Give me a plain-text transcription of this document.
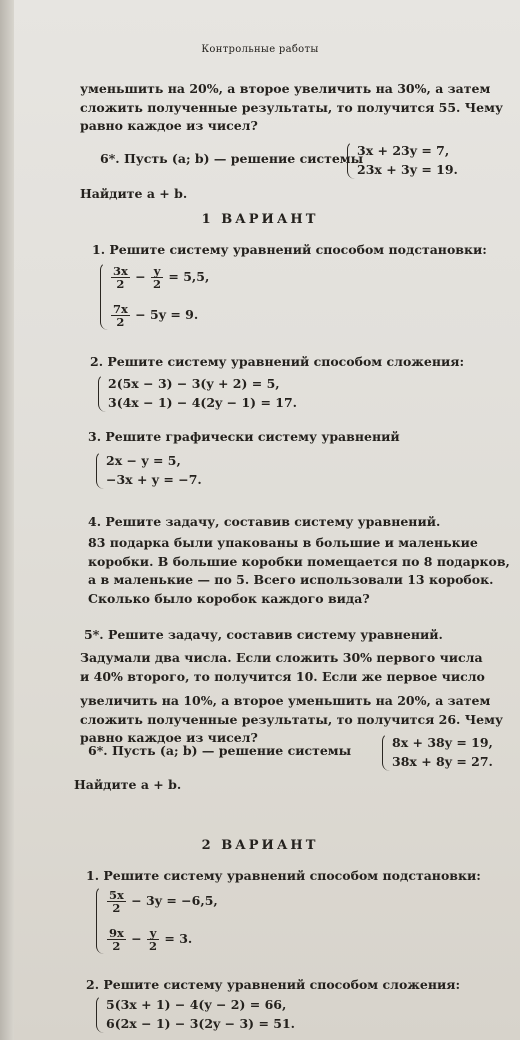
Контрольные работы
уменьшить на 20%, а второе увеличить на 30%, а затем
сложить полученные результаты, то получится 55. Чему
равно каждое из чисел?
6*. Пусть (a; b) — решение системы
3x + 23y = 7,
23x + 3y = 19.
Найдите a + b.
1 ВАРИАНТ
1. Решите систему уравнений способом подстановки:
$\frac{3x}{2} - \frac{y}{2} = 5,5$,
$\frac{7x}{2} - 5y = 9$.
2. Решите систему уравнений способом сложения:
2(5x − 3) − 3(y + 2) = 5,
3(4x − 1) − 4(2y − 1) = 17.
3. Решите графически систему уравнений
2x − y = 5,
−3x + y = −7.
4. Решите задачу, составив систему уравнений.
83 подарка были упакованы в большие и маленькие
коробки. В большие коробки помещается по 8 подарков,
а в маленькие — по 5. Всего использовали 13 коробок.
Сколько было коробок каждого вида?
5*. Решите задачу, составив систему уравнений.
Задумали два числа. Если сложить 30% первого числа
и 40% второго, то получится 10. Если же первое число
увеличить на 10%, а второе уменьшить на 20%, а затем
сложить полученные результаты, то получится 26. Чему
равно каждое из чисел?
6*. Пусть (a; b) — решение системы
8x + 38y = 19,
38x + 8y = 27.
Найдите a + b.
2 ВАРИАНТ
1. Решите систему уравнений способом подстановки:
$\frac{5x}{2} - 3y = -6,5$,
$\frac{9x}{2} - \frac{y}{2} = 3$.
2. Решите систему уравнений способом сложения:
5(3x + 1) − 4(y − 2) = 66,
6(2x − 1) − 3(2y − 3) = 51.
